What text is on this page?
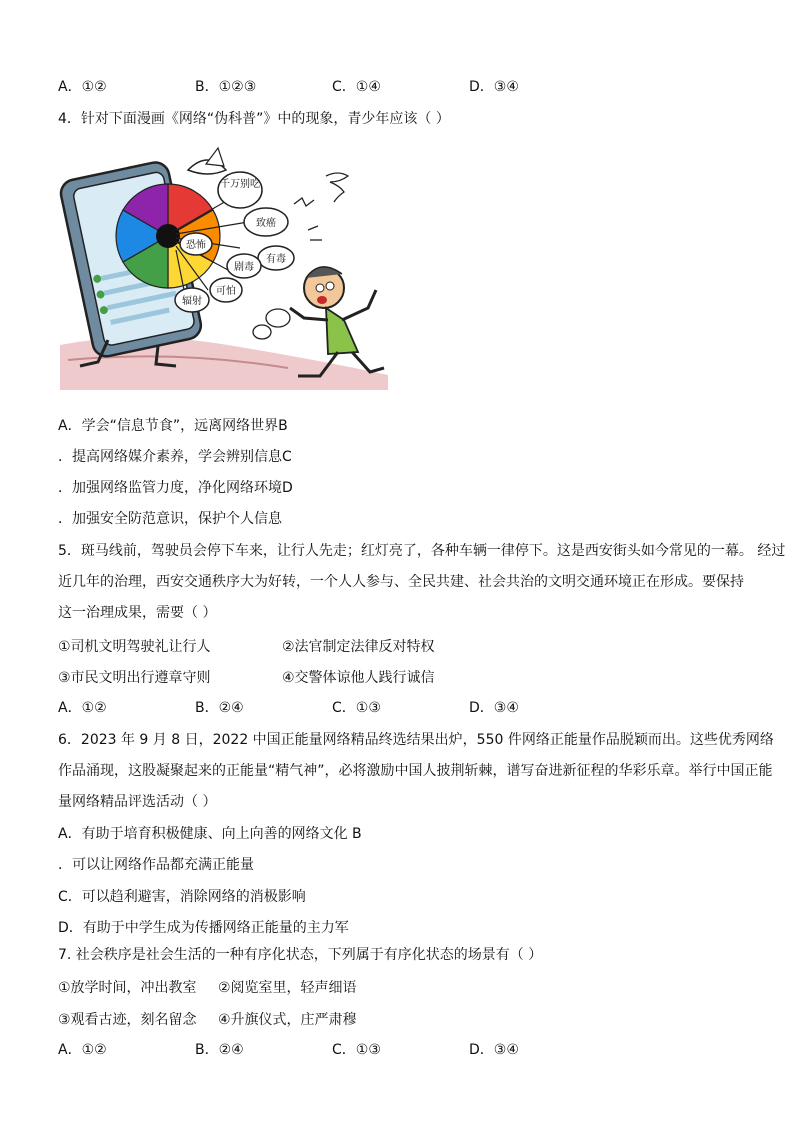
A．①②	B．①②③	C．①④	D．③④
4．针对下面漫画《网络“伪科普”》中的现象，青少年应该（ ）
千万别吃
致癌
有毒
剧毒
可怕
恐怖
辐射
A．学会“信息节食”，远离网络世界B
．提高网络媒介素养，学会辨别信息C
．加强网络监管力度，净化网络环境D
．加强安全防范意识，保护个人信息
5．斑马线前，驾驶员会停下车来，让行人先走；红灯亮了，各种车辆一律停下。这是西安街头如今常见的一幕。 经过
近几年的治理，西安交通秩序大为好转，一个人人参与、全民共建、社会共治的文明交通环境正在形成。要保持
这一治理成果，需要（ ）
①司机文明驾驶礼让行人	②法官制定法律反对特权
③市民文明出行遵章守则	④交警体谅他人践行诚信
A．①②	B．②④	C．①③	D．③④
6．2023 年 9 月 8 日，2022 中国正能量网络精品终选结果出炉，550 件网络正能量作品脱颖而出。这些优秀网络
作品涌现，这股凝聚起来的正能量“精气神”，必将激励中国人披荆斩棘，谱写奋进新征程的华彩乐章。举行中国正能
量网络精品评选活动（ ）
A．有助于培育积极健康、向上向善的网络文化 B
．可以让网络作品都充满正能量
C．可以趋利避害，消除网络的消极影响
D．有助于中学生成为传播网络正能量的主力军
7. 社会秩序是社会生活的一种有序化状态，下列属于有序化状态的场景有（ ）
①放学时间，冲出教室 ②阅览室里，轻声细语
③观看古迹，刻名留念 ④升旗仪式，庄严肃穆
A．①②	B．②④	C．①③	D．③④
